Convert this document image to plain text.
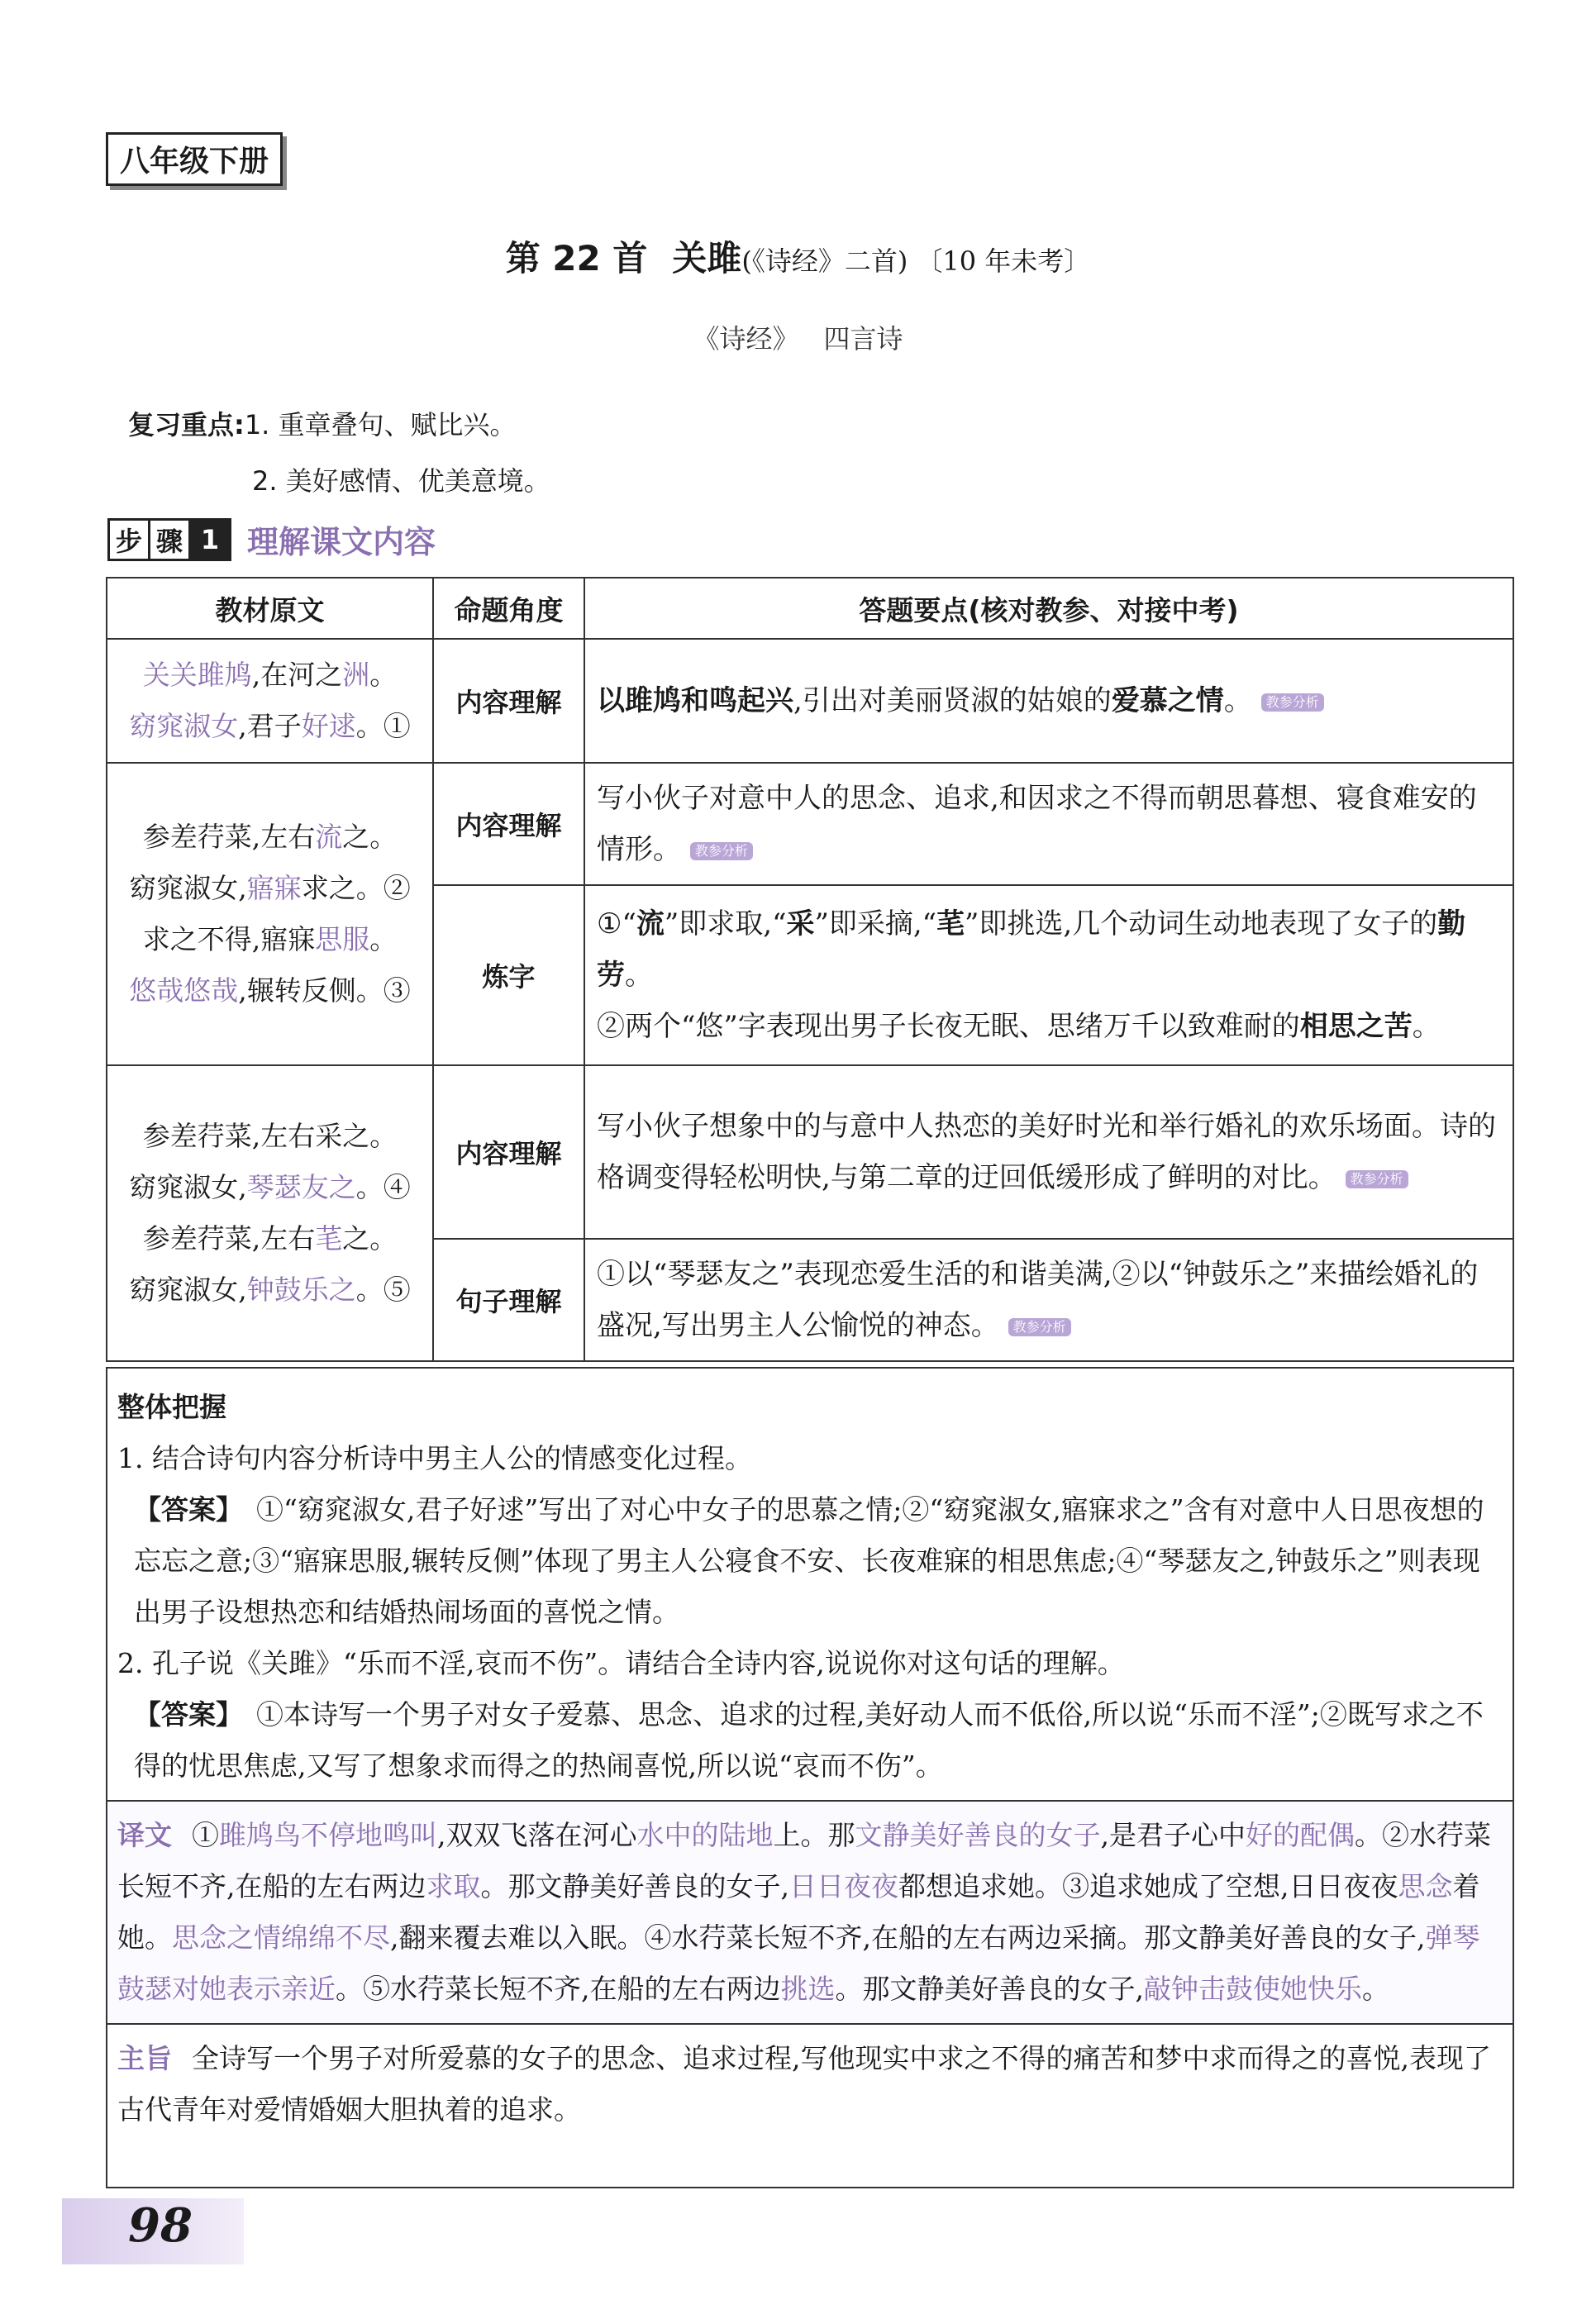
八年级下册
第 22 首 关雎(《诗经》二首) 〔10 年未考〕
《诗经》 四言诗
复习重点:1. 重章叠句、赋比兴。
2. 美好感情、优美意境。
步 骤 1 理解课文内容
教材原文	命题角度	答题要点(核对教参、对接中考)

关关雎鸠,在河之洲。
窈窕淑女,君子好逑。①	内容理解	以雎鸠和鸣起兴,引出对美丽贤淑的姑娘的爱慕之情。 教参分析

参差荇菜,左右流之。
窈窕淑女,寤寐求之。②
求之不得,寤寐思服。
悠哉悠哉,辗转反侧。③	内容理解	写小伙子对意中人的思念、追求,和因求之不得而朝思暮想、寝食难安的情形。 教参分析
	炼字	①“流”即求取,“采”即采摘,“芼”即挑选,几个动词生动地表现了女子的勤劳。
②两个“悠”字表现出男子长夜无眠、思绪万千以致难耐的相思之苦。

参差荇菜,左右采之。
窈窕淑女,琴瑟友之。④
参差荇菜,左右芼之。
窈窕淑女,钟鼓乐之。⑤	内容理解	写小伙子想象中的与意中人热恋的美好时光和举行婚礼的欢乐场面。诗的格调变得轻松明快,与第二章的迂回低缓形成了鲜明的对比。 教参分析
	句子理解	①以“琴瑟友之”表现恋爱生活的和谐美满,②以“钟鼓乐之”来描绘婚礼的盛况,写出男主人公愉悦的神态。 教参分析
整体把握
1. 结合诗句内容分析诗中男主人公的情感变化过程。
【答案】 ①“窈窕淑女,君子好逑”写出了对心中女子的思慕之情;②“窈窕淑女,寤寐求之”含有对意中人日思夜想的忘忘之意;③“寤寐思服,辗转反侧”体现了男主人公寝食不安、长夜难寐的相思焦虑;④“琴瑟友之,钟鼓乐之”则表现出男子设想热恋和结婚热闹场面的喜悦之情。
2. 孔子说《关雎》“乐而不淫,哀而不伤”。请结合全诗内容,说说你对这句话的理解。
【答案】 ①本诗写一个男子对女子爱慕、思念、追求的过程,美好动人而不低俗,所以说“乐而不淫”;②既写求之不得的忧思焦虑,又写了想象求而得之的热闹喜悦,所以说“哀而不伤”。
译文 ①雎鸠鸟不停地鸣叫,双双飞落在河心水中的陆地上。那文静美好善良的女子,是君子心中好的配偶。②水荇菜长短不齐,在船的左右两边求取。那文静美好善良的女子,日日夜夜都想追求她。③追求她成了空想,日日夜夜思念着她。思念之情绵绵不尽,翻来覆去难以入眠。④水荇菜长短不齐,在船的左右两边采摘。那文静美好善良的女子,弹琴鼓瑟对她表示亲近。⑤水荇菜长短不齐,在船的左右两边挑选。那文静美好善良的女子,敲钟击鼓使她快乐。
主旨 全诗写一个男子对所爱慕的女子的思念、追求过程,写他现实中求之不得的痛苦和梦中求而得之的喜悦,表现了古代青年对爱情婚姻大胆执着的追求。
98
